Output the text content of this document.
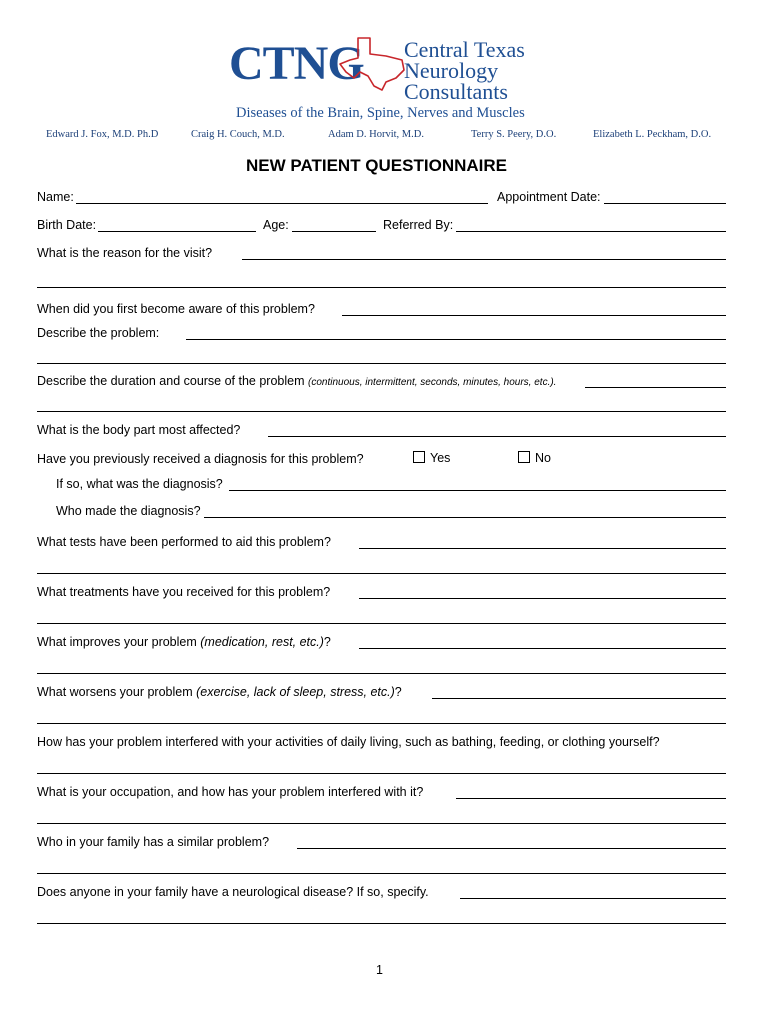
CTNG Central Texas
Neurology
Consultants
Diseases of the Brain, Spine, Nerves and Muscles
Edward J. Fox, M.D. Ph.D	Craig H. Couch, M.D.	Adam D. Horvit, M.D.	Terry S. Peery, D.O.	Elizabeth L. Peckham, D.O.
NEW PATIENT QUESTIONNAIRE
Name:	Appointment Date:
Birth Date:	Age:	Referred By:
What is the reason for the visit?
When did you first become aware of this problem?
Describe the problem:
Describe the duration and course of the problem (continuous, intermittent, seconds, minutes, hours, etc.).
What is the body part most affected?
Have you previously received a diagnosis for this problem?	Yes	No
If so, what was the diagnosis?
Who made the diagnosis?
What tests have been performed to aid this problem?
What treatments have you received for this problem?
What improves your problem (medication, rest, etc.)?
What worsens your problem (exercise, lack of sleep, stress, etc.)?
How has your problem interfered with your activities of daily living, such as bathing, feeding, or clothing yourself?
What is your occupation, and how has your problem interfered with it?
Who in your family has a similar problem?
Does anyone in your family have a neurological disease? If so, specify.
1
